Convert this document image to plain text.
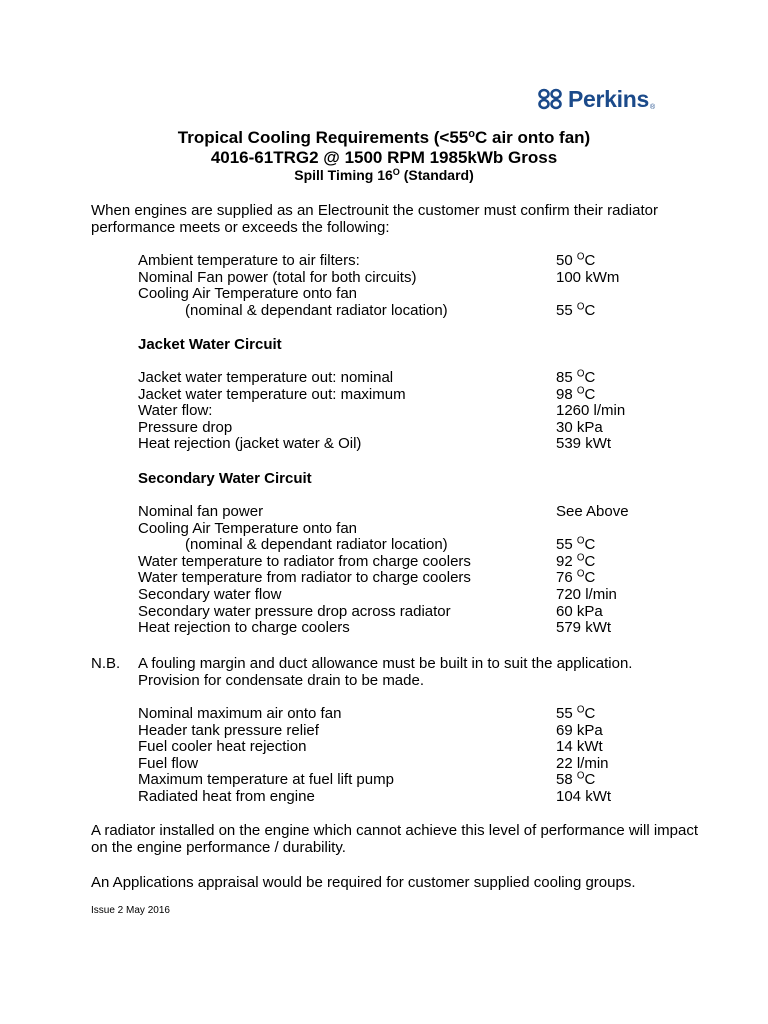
Perkins ®
Tropical Cooling Requirements ($<55^oC$ air onto fan)
4016-61TRG2 @ 1500 RPM 1985kWb Gross
Spill Timing $16^O$ (Standard)
When engines are supplied as an Electrounit the customer must confirm their radiator performance meets or exceeds the following:
Ambient temperature to air filters:	50 $^O$C
Nominal Fan power (total for both circuits)	100 kWm
Cooling Air Temperature onto fan
(nominal & dependant radiator location)	55 $^O$C
Jacket Water Circuit
Jacket water temperature out: nominal	85 $^O$C
Jacket water temperature out: maximum	98 $^O$C
Water flow:	1260 l/min
Pressure drop	30 kPa
Heat rejection (jacket water & Oil)	539 kWt
Secondary Water Circuit
Nominal fan power	See Above
Cooling Air Temperature onto fan
(nominal & dependant radiator location)	55 $^O$C
Water temperature to radiator from charge coolers	92 $^O$C
Water temperature from radiator to charge coolers	76 $^O$C
Secondary water flow	720 l/min
Secondary water pressure drop across radiator	60 kPa
Heat rejection to charge coolers	579 kWt
Nominal maximum air onto fan	55 $^O$C
Header tank pressure relief	69 kPa
Fuel cooler heat rejection	14 kWt
Fuel flow	22 l/min
Maximum temperature at fuel lift pump	58 $^O$C
Radiated heat from engine	104 kWt
N.B. A fouling margin and duct allowance must be built in to suit the application.
Provision for condensate drain to be made.
A radiator installed on the engine which cannot achieve this level of performance will impact on the engine performance / durability.
An Applications appraisal would be required for customer supplied cooling groups.
Issue 2 May 2016
